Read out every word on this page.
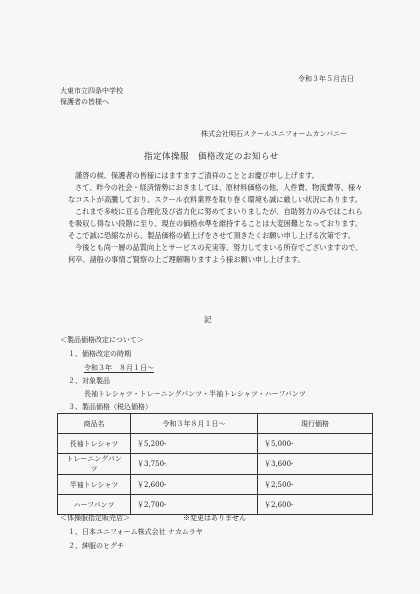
令和３年５月吉日
大東市立四条中学校
保護者の皆様へ
株式会社明石スクールユニフォームカンパニー
指定体操服　価格改定のお知らせ

謹啓の候、保護者の皆様にはますますご清祥のこととお慶び申し上げます。

さて、昨今の社会・経済情勢におきましては、原材料価格の他、人件費、物流費等、様々なコストが高騰しており、スクール衣料業界を取り巻く環境も誠に厳しい状況にあります。

これまで多岐に亘る合理化及び省力化に努めてまいりましたが、自助努力のみではこれらを吸収し得ない段階に至り、現在の価格水準を維持することは大変困難となっております。そこで誠に恐縮ながら、製品価格の値上げをさせて頂きたくお願い申し上げる次第です。

今後とも尚一層の品質向上とサービスの充実等、努力してまいる所存でございますので、何卒、諸般の事情ご賢察の上ご理解賜りますよう様お願い申し上げます。

記
＜製品価格改定について＞
１、価格改定の時期
令和３年　８月１日～
２、対象製品
長袖トレシャツ・トレーニングパンツ・半袖トレシャツ・ハーフパンツ
３、製品価格（税込価格）
商品名	令和３年８月１日～	現行価格
長袖トレシャツ	￥5,200-	￥5,000-
トレーニングパンツ	￥3,750-	￥3,600-
半袖トレシャツ	￥2,600-	￥2,500-
ハーフパンツ	￥2,700-	￥2,600-
＜体操服指定販売店＞	※変更はありません
１、日本ユニフォーム株式会社 ナカムラヤ
２、紳服のヒグチ
